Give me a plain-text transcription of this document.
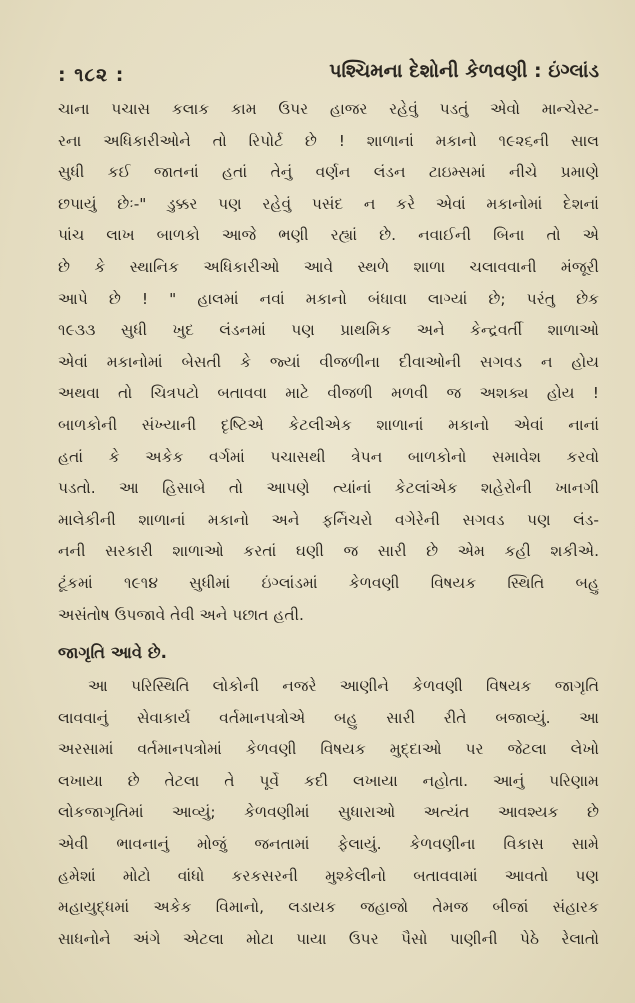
: ૧૮૨ :	પશ્ચિમના દેશોની કેળવણી : ઇંગ્લાંડ
ચાના પચાસ કલાક કામ ઉપર હાજર રહેવું પડતું એવો માન્ચેસ્ટ-
રના અધિકારીઓને તો રિપોર્ટ છે ! શાળાનાં મકાનો ૧૯૨૬ની સાલ
સુધી કઈ જાતનાં હતાં તેનું વર્ણન લંડન ટાઇમ્સમાં નીચે પ્રમાણે
છપાયું છેઃ-" ડુક્કર પણ રહેવું પસંદ ન કરે એવાં મકાનોમાં દેશનાં
પાંચ લાખ બાળકો આજે ભણી રહ્યાં છે. નવાઈની બિના તો એ
છે કે સ્થાનિક અધિકારીઓ આવે સ્થળે શાળા ચલાવવાની મંજૂરી
આપે છે ! " હાલમાં નવાં મકાનો બંધાવા લાગ્યાં છે; પરંતુ છેક
૧૯૩૩ સુધી ખુદ લંડનમાં પણ પ્રાથમિક અને કેન્દ્રવર્તી શાળાઓ
એવાં મકાનોમાં બેસતી કે જ્યાં વીજળીના દીવાઓની સગવડ ન હોય
અથવા તો ચિત્રપટો બતાવવા માટે વીજળી મળવી જ અશક્ય હોય !
બાળકોની સંખ્યાની દૃષ્ટિએ કેટલીએક શાળાનાં મકાનો એવાં નાનાં
હતાં કે અકેક વર્ગમાં પચાસથી ત્રેપન બાળકોનો સમાવેશ કરવો
પડતો. આ હિસાબે તો આપણે ત્યાંનાં કેટલાંએક શહેરોની ખાનગી
માલેકીની શાળાનાં મકાનો અને ફર્નિચરો વગેરેની સગવડ પણ લંડ-
નની સરકારી શાળાઓ કરતાં ઘણી જ સારી છે એમ કહી શકીએ.
ટૂંકમાં ૧૯૧૪ સુધીમાં ઇંગ્લાંડમાં કેળવણી વિષયક સ્થિતિ બહુ
અસંતોષ ઉપજાવે તેવી અને પછાત હતી.
જાગૃતિ આવે છે.
આ પરિસ્થિતિ લોકોની નજરે આણીને કેળવણી વિષયક જાગૃતિ
લાવવાનું સેવાકાર્ય વર્તમાનપત્રોએ બહુ સારી રીતે બજાવ્યું. આ
અરસામાં વર્તમાનપત્રોમાં કેળવણી વિષયક મુદ્દાઓ પર જેટલા લેખો
લખાયા છે તેટલા તે પૂર્વે કદી લખાયા નહોતા. આનું પરિણામ
લોકજાગૃતિમાં આવ્યું; કેળવણીમાં સુધારાઓ અત્યંત આવશ્યક છે
એવી ભાવનાનું મોજું જનતામાં ફેલાયું. કેળવણીના વિકાસ સામે
હમેશાં મોટો વાંધો કરકસરની મુશ્કેલીનો બતાવવામાં આવતો પણ
મહાયુદ્ધમાં અકેક વિમાનો, લડાયક જહાજો તેમજ બીજાં સંહારક
સાધનોને અંગે એટલા મોટા પાયા ઉપર પૈસો પાણીની પેઠે રેલાતો
